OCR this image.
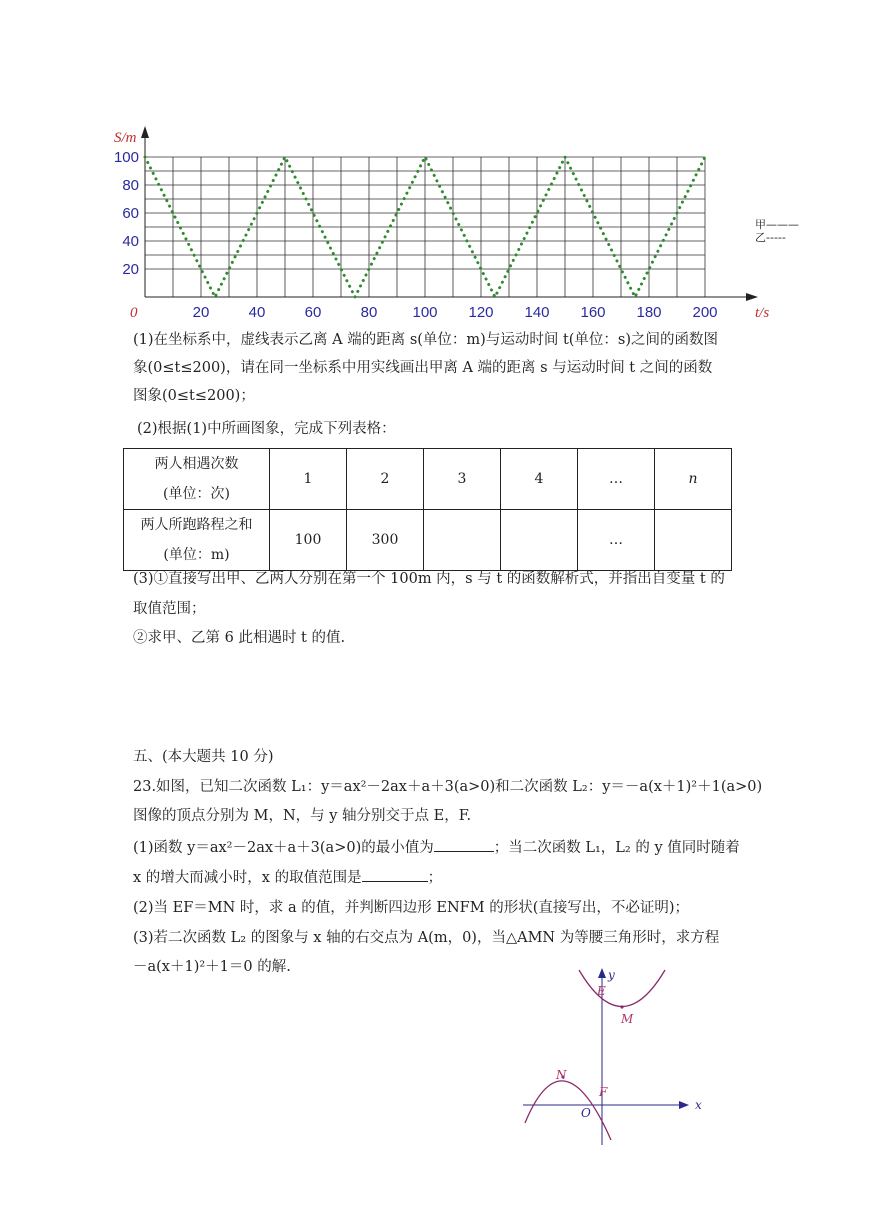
S/m
t/s
0	20	40	60	80 100 120 140 160 180 200
20
40
60
80
100
甲———
乙-----
(1)在坐标系中，虚线表示乙离 A 端的距离 s(单位：m)与运动时间 t(单位：s)之间的函数图
象(0≤t≤200)，请在同一坐标系中用实线画出甲离 A 端的距离 s 与运动时间 t 之间的函数
图象(0≤t≤200)；
(2)根据(1)中所画图象，完成下列表格：
两人相遇次数
(单位：次)	1	2	3	4	…	n

两人所跑路程之和
(单位：m)	100	300			…	
(3)①直接写出甲、乙两人分别在第一个 100m 内，s 与 t 的函数解析式，并指出自变量 t 的
取值范围；
②求甲、乙第 6 此相遇时 t 的值.
五、(本大题共 10 分)
23.如图，已知二次函数 L₁：y＝ax²－2ax＋a＋3(a>0)和二次函数 L₂：y＝－a(x＋1)²＋1(a>0)
图像的顶点分别为 M，N，与 y 轴分别交于点 E，F.
(1)函数 y＝ax²－2ax＋a＋3(a>0)的最小值为	；当二次函数 L₁，L₂ 的 y 值同时随着
x 的增大而减小时，x 的取值范围是	；
(2)当 EF＝MN 时，求 a 的值，并判断四边形 ENFM 的形状(直接写出，不必证明)；
(3)若二次函数 L₂ 的图象与 x 轴的右交点为 A(m，0)，当△AMN 为等腰三角形时，求方程
－a(x＋1)²＋1＝0 的解.	y
x
E
M
N
F
O
